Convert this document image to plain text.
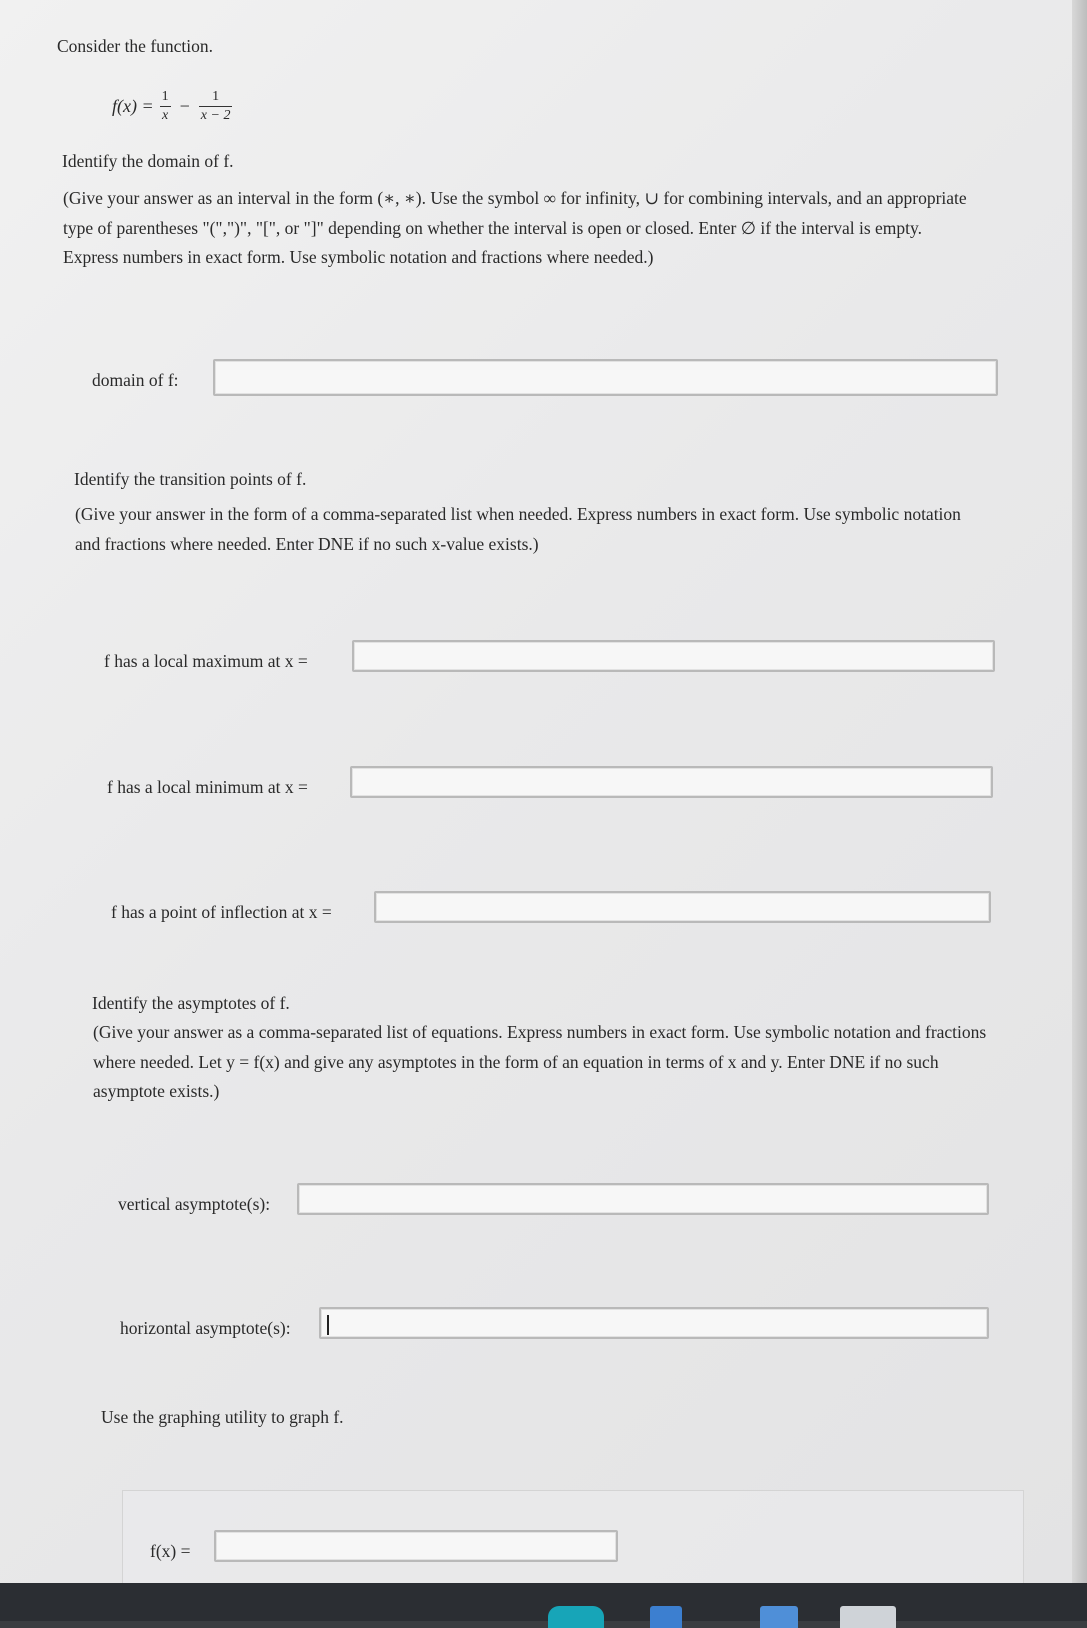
Consider the function.
$f(x) = \frac{1}{x} - \frac{1}{x - 2}$
Identify the domain of f.
(Give your answer as an interval in the form (∗, ∗). Use the symbol ∞ for infinity, ∪ for combining intervals, and an appropriate
type of parentheses "(",")", "[", or "]" depending on whether the interval is open or closed. Enter ∅ if the interval is empty.
Express numbers in exact form. Use symbolic notation and fractions where needed.)
domain of f:
Identify the transition points of f.
(Give your answer in the form of a comma-separated list when needed. Express numbers in exact form. Use symbolic notation
and fractions where needed. Enter DNE if no such x-value exists.)
f has a local maximum at x =
f has a local minimum at x =
f has a point of inflection at x =
Identify the asymptotes of f.
(Give your answer as a comma-separated list of equations. Express numbers in exact form. Use symbolic notation and fractions
where needed. Let y = f(x) and give any asymptotes in the form of an equation in terms of x and y. Enter DNE if no such
asymptote exists.)
vertical asymptote(s):
horizontal asymptote(s):
Use the graphing utility to graph f.
f(x) =
